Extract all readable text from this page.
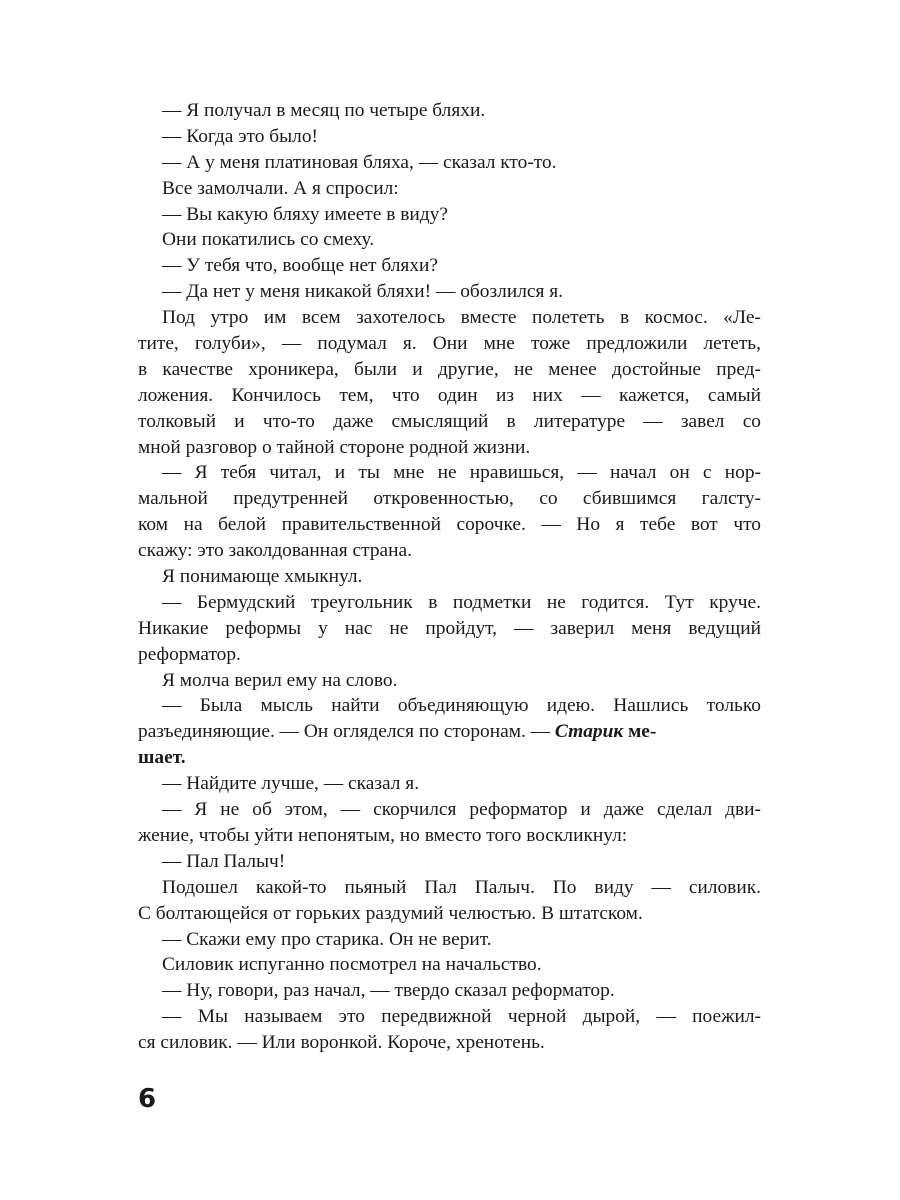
— Я получал в месяц по четыре бляхи.
— Когда это было!
— А у меня платиновая бляха, — сказал кто-то.
Все замолчали. А я спросил:
— Вы какую бляху имеете в виду?
Они покатились со смеху.
— У тебя что, вообще нет бляхи?
— Да нет у меня никакой бляхи! — обозлился я.
Под утро им всем захотелось вместе полететь в космос. «Ле-
тите, голуби», — подумал я. Они мне тоже предложили лететь,
в качестве хроникера, были и другие, не менее достойные пред-
ложения. Кончилось тем, что один из них — кажется, самый
толковый и что-то даже смыслящий в литературе — завел со
мной разговор о тайной стороне родной жизни.
— Я тебя читал, и ты мне не нравишься, — начал он с нор-
мальной предутренней откровенностью, со сбившимся галсту-
ком на белой правительственной сорочке. — Но я тебе вот что
скажу: это заколдованная страна.
Я понимающе хмыкнул.
— Бермудский треугольник в подметки не годится. Тут круче.
Никакие реформы у нас не пройдут, — заверил меня ведущий
реформатор.
Я молча верил ему на слово.
— Была мысль найти объединяющую идею. Нашлись только
разъединяющие. — Он огляделся по сторонам. — Старик ме-
шает.
— Найдите лучше, — сказал я.
— Я не об этом, — скорчился реформатор и даже сделал дви-
жение, чтобы уйти непонятым, но вместо того воскликнул:
— Пал Палыч!
Подошел какой-то пьяный Пал Палыч. По виду — силовик.
С болтающейся от горьких раздумий челюстью. В штатском.
— Скажи ему про старика. Он не верит.
Силовик испуганно посмотрел на начальство.
— Ну, говори, раз начал, — твердо сказал реформатор.
— Мы называем это передвижной черной дырой, — поежил-
ся силовик. — Или воронкой. Короче, хренотень.
6
